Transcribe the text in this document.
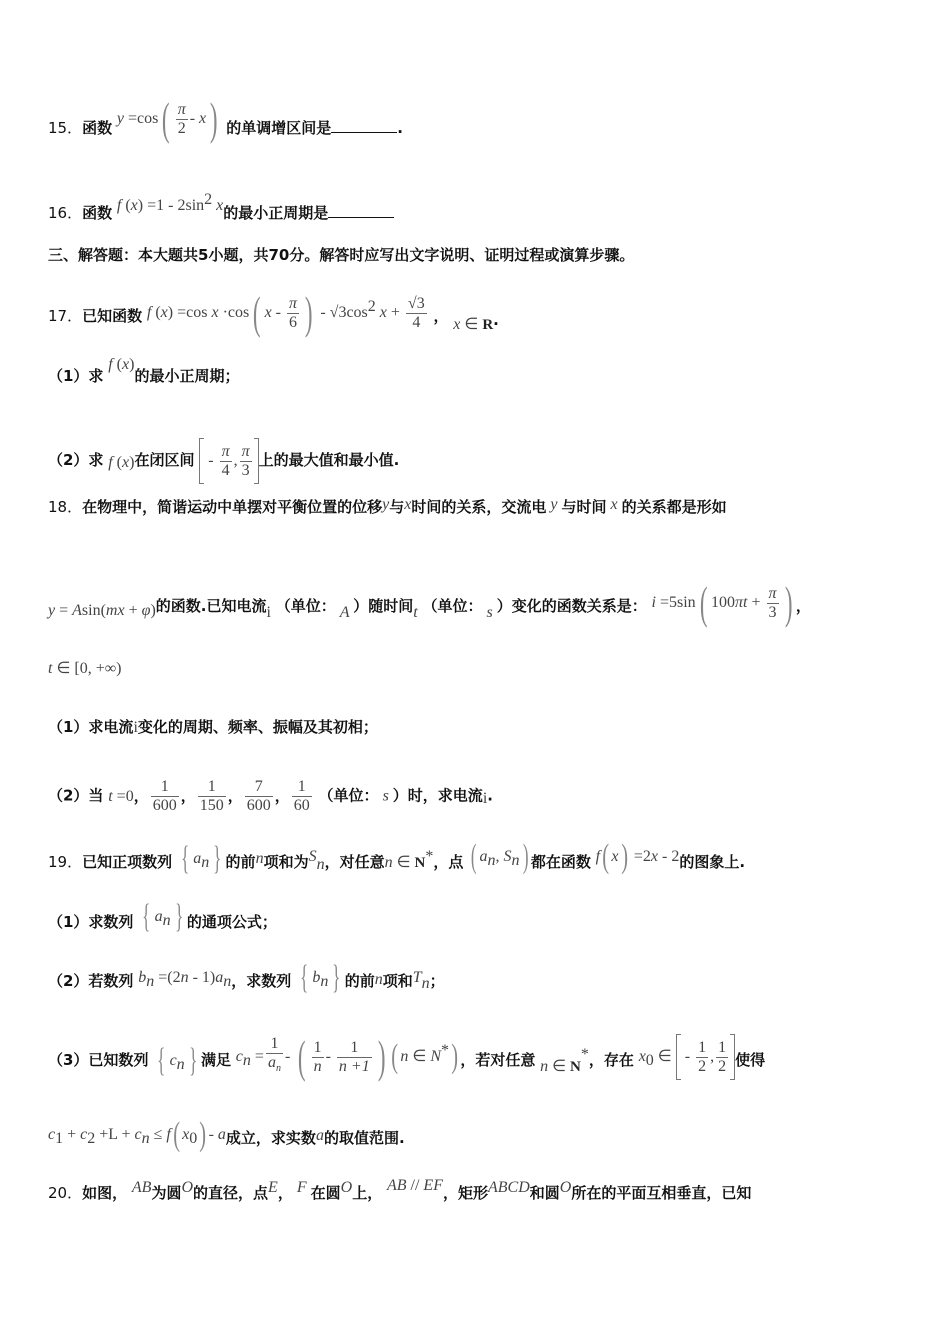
15．函数 $y =\cos( \frac{\pi}{2} - x)$ 的单调增区间是	.
16．函数 f $(x) =1 - 2\sin^2$ x的最小正周期是
三、解答题：本大题共5小题，共70分。解答时应写出文字说明、证明过程或演算步骤。
17．已知函数 f (x) =cos x ·cos( x - $\frac{\pi}{6}$ ) - $√3\cos^2$ $x + \frac{√3}{4}$ ， x ∈ R.
（1）求 f (x)的最小正周期；
（2）求 f (x)在闭区间  - $\frac{\pi}{4}$ , $\frac{\pi}{3}$ 上的最大值和最小值.
18．在物理中，简谐运动中单摆对平衡位置的位移y与x时间的关系，交流电 y 与时间 x 的关系都是形如
y = Asin(mx + φ)的函数.已知电流i （单位： A ）随时间t （单位： s ）变化的函数关系是： i =5sin( $100\pi t + \frac{\pi}{3}$ ) ，
t ∈ [0, +∞)
（1）求电流i变化的周期、频率、振幅及其初相；
（2）当 t =0， $\frac{1}{600}$ ， $\frac{1}{150}$ ， $\frac{7}{600}$ ， $\frac{1}{60}$ （单位： s ）时，求电流i.
19．已知正项数列 { $a_n$ } 的前n项和为$S_n$，对任意n ∈ N*，点 ( $a_n$, $S_n$) 都在函数 f( x) =2x - 2的图象上.
（1）求数列 { $a_n$ } 的通项公式；
（2）若数列 $b_n =(2n - 1)a_n$，求数列 { $b_n$ } 的前n项和$T_n$；
（3）已知数列 { $c_n$ } 满足 $c_n = \frac{1}{a_n}$ - ( $\frac{1}{n} - \frac{1}{n +1}$ ) ( n ∈ N*) ，若对任意 n ∈ N*，存在 $x_0$ ∈  - $\frac{1}{2}$ , $\frac{1}{2}$ 使得
$c_1 + c_2 +L + c_n \le f$( $x_0$) - a成立，求实数a的取值范围.
20．如图， AB为圆O的直径，点E， F 在圆O上， AB // EF，矩形ABCD和圆O所在的平面互相垂直，已知
